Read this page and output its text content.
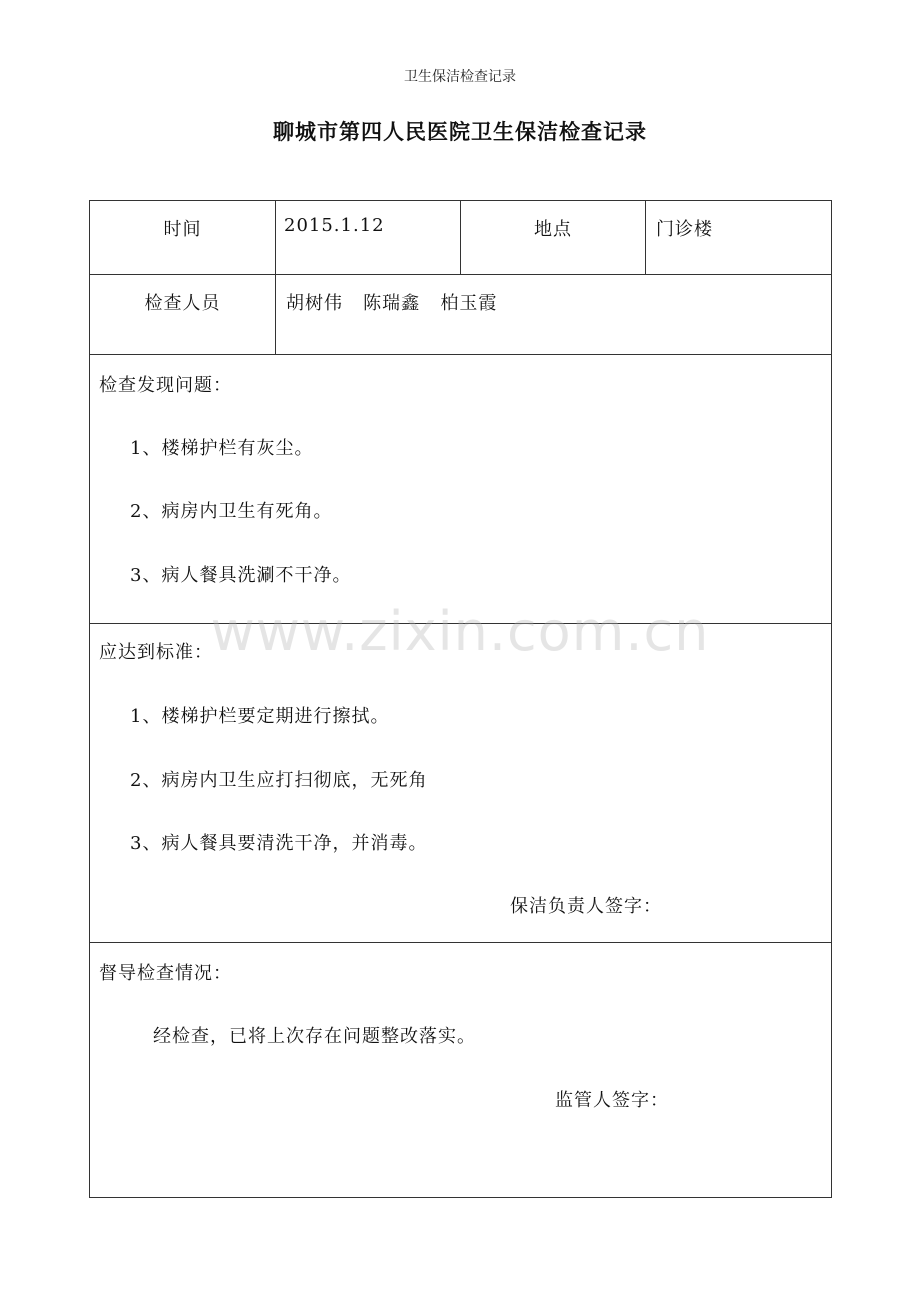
卫生保洁检查记录
聊城市第四人民医院卫生保洁检查记录
时间	2015.1.12	地点	门诊楼
检查人员	胡树伟   陈瑞鑫   柏玉霞
检查发现问题：
1、楼梯护栏有灰尘。
2、病房内卫生有死角。
3、病人餐具洗涮不干净。
应达到标准：
1、楼梯护栏要定期进行擦拭。
2、病房内卫生应打扫彻底，无死角
3、病人餐具要清洗干净，并消毒。
保洁负责人签字：
督导检查情况：
经检查，已将上次存在问题整改落实。
监管人签字：
www.zixin.com.cn
